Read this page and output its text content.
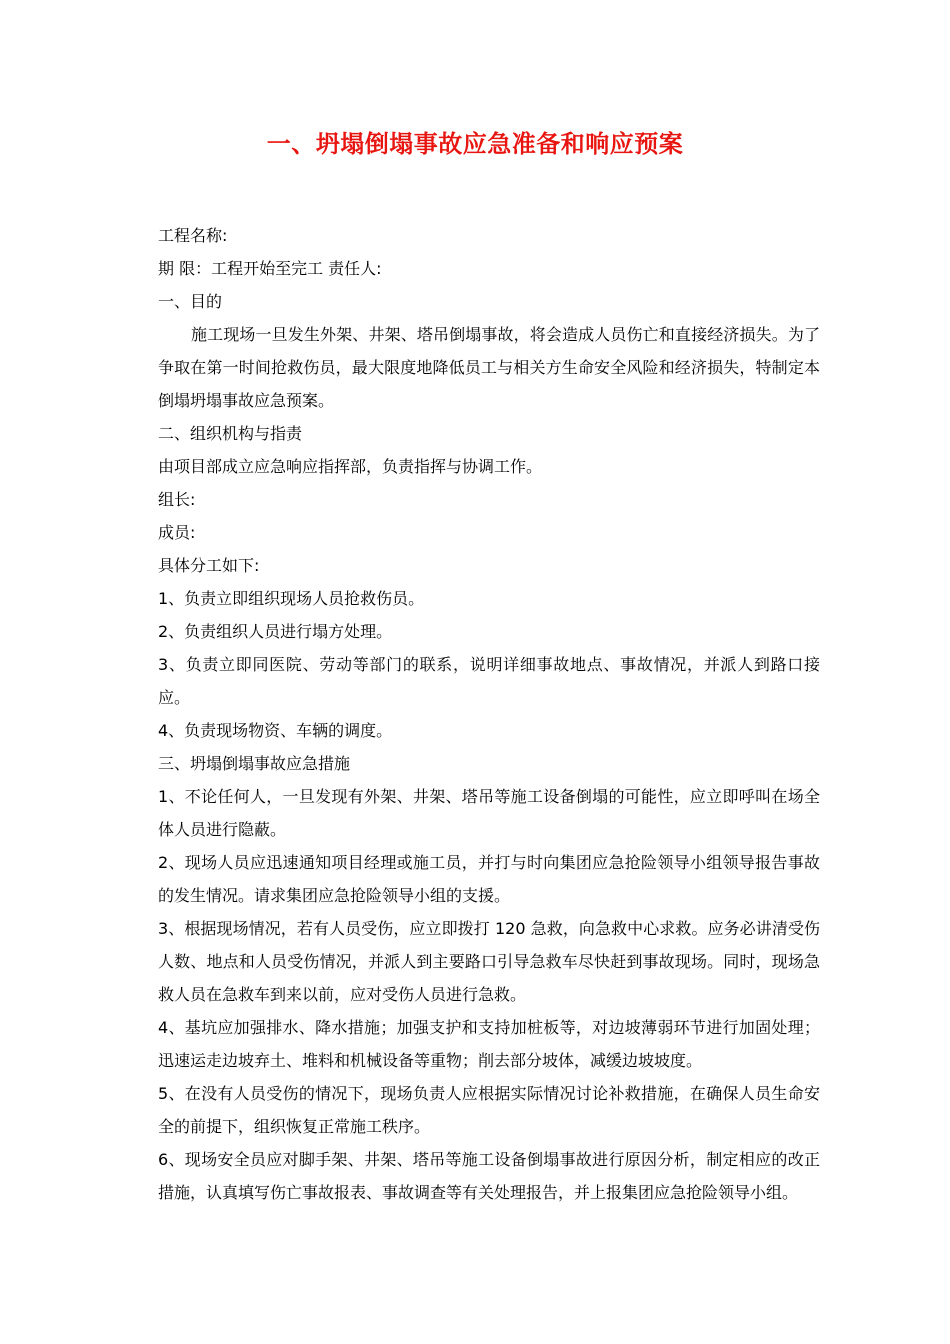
一、坍塌倒塌事故应急准备和响应预案
工程名称:
期 限：工程开始至完工 责任人:
一、目的
施工现场一旦发生外架、井架、塔吊倒塌事故，将会造成人员伤亡和直接经济损失。为了争取在第一时间抢救伤员，最大限度地降低员工与相关方生命安全风险和经济损失，特制定本倒塌坍塌事故应急预案。
二、组织机构与指责
由项目部成立应急响应指挥部，负责指挥与协调工作。
组长:
成员:
具体分工如下:
1、负责立即组织现场人员抢救伤员。
2、负责组织人员进行塌方处理。
3、负责立即同医院、劳动等部门的联系，说明详细事故地点、事故情况，并派人到路口接应。
4、负责现场物资、车辆的调度。
三、坍塌倒塌事故应急措施
1、不论任何人，一旦发现有外架、井架、塔吊等施工设备倒塌的可能性，应立即呼叫在场全体人员进行隐蔽。
2、现场人员应迅速通知项目经理或施工员，并打与时向集团应急抢险领导小组领导报告事故的发生情况。请求集团应急抢险领导小组的支援。
3、根据现场情况，若有人员受伤，应立即拨打 120 急救，向急救中心求救。应务必讲清受伤人数、地点和人员受伤情况，并派人到主要路口引导急救车尽快赶到事故现场。同时，现场急救人员在急救车到来以前，应对受伤人员进行急救。
4、基坑应加强排水、降水措施；加强支护和支持加桩板等，对边坡薄弱环节进行加固处理；迅速运走边坡弃土、堆料和机械设备等重物；削去部分坡体，减缓边坡坡度。
5、在没有人员受伤的情况下，现场负责人应根据实际情况讨论补救措施，在确保人员生命安全的前提下，组织恢复正常施工秩序。
6、现场安全员应对脚手架、井架、塔吊等施工设备倒塌事故进行原因分析，制定相应的改正措施，认真填写伤亡事故报表、事故调查等有关处理报告，并上报集团应急抢险领导小组。
